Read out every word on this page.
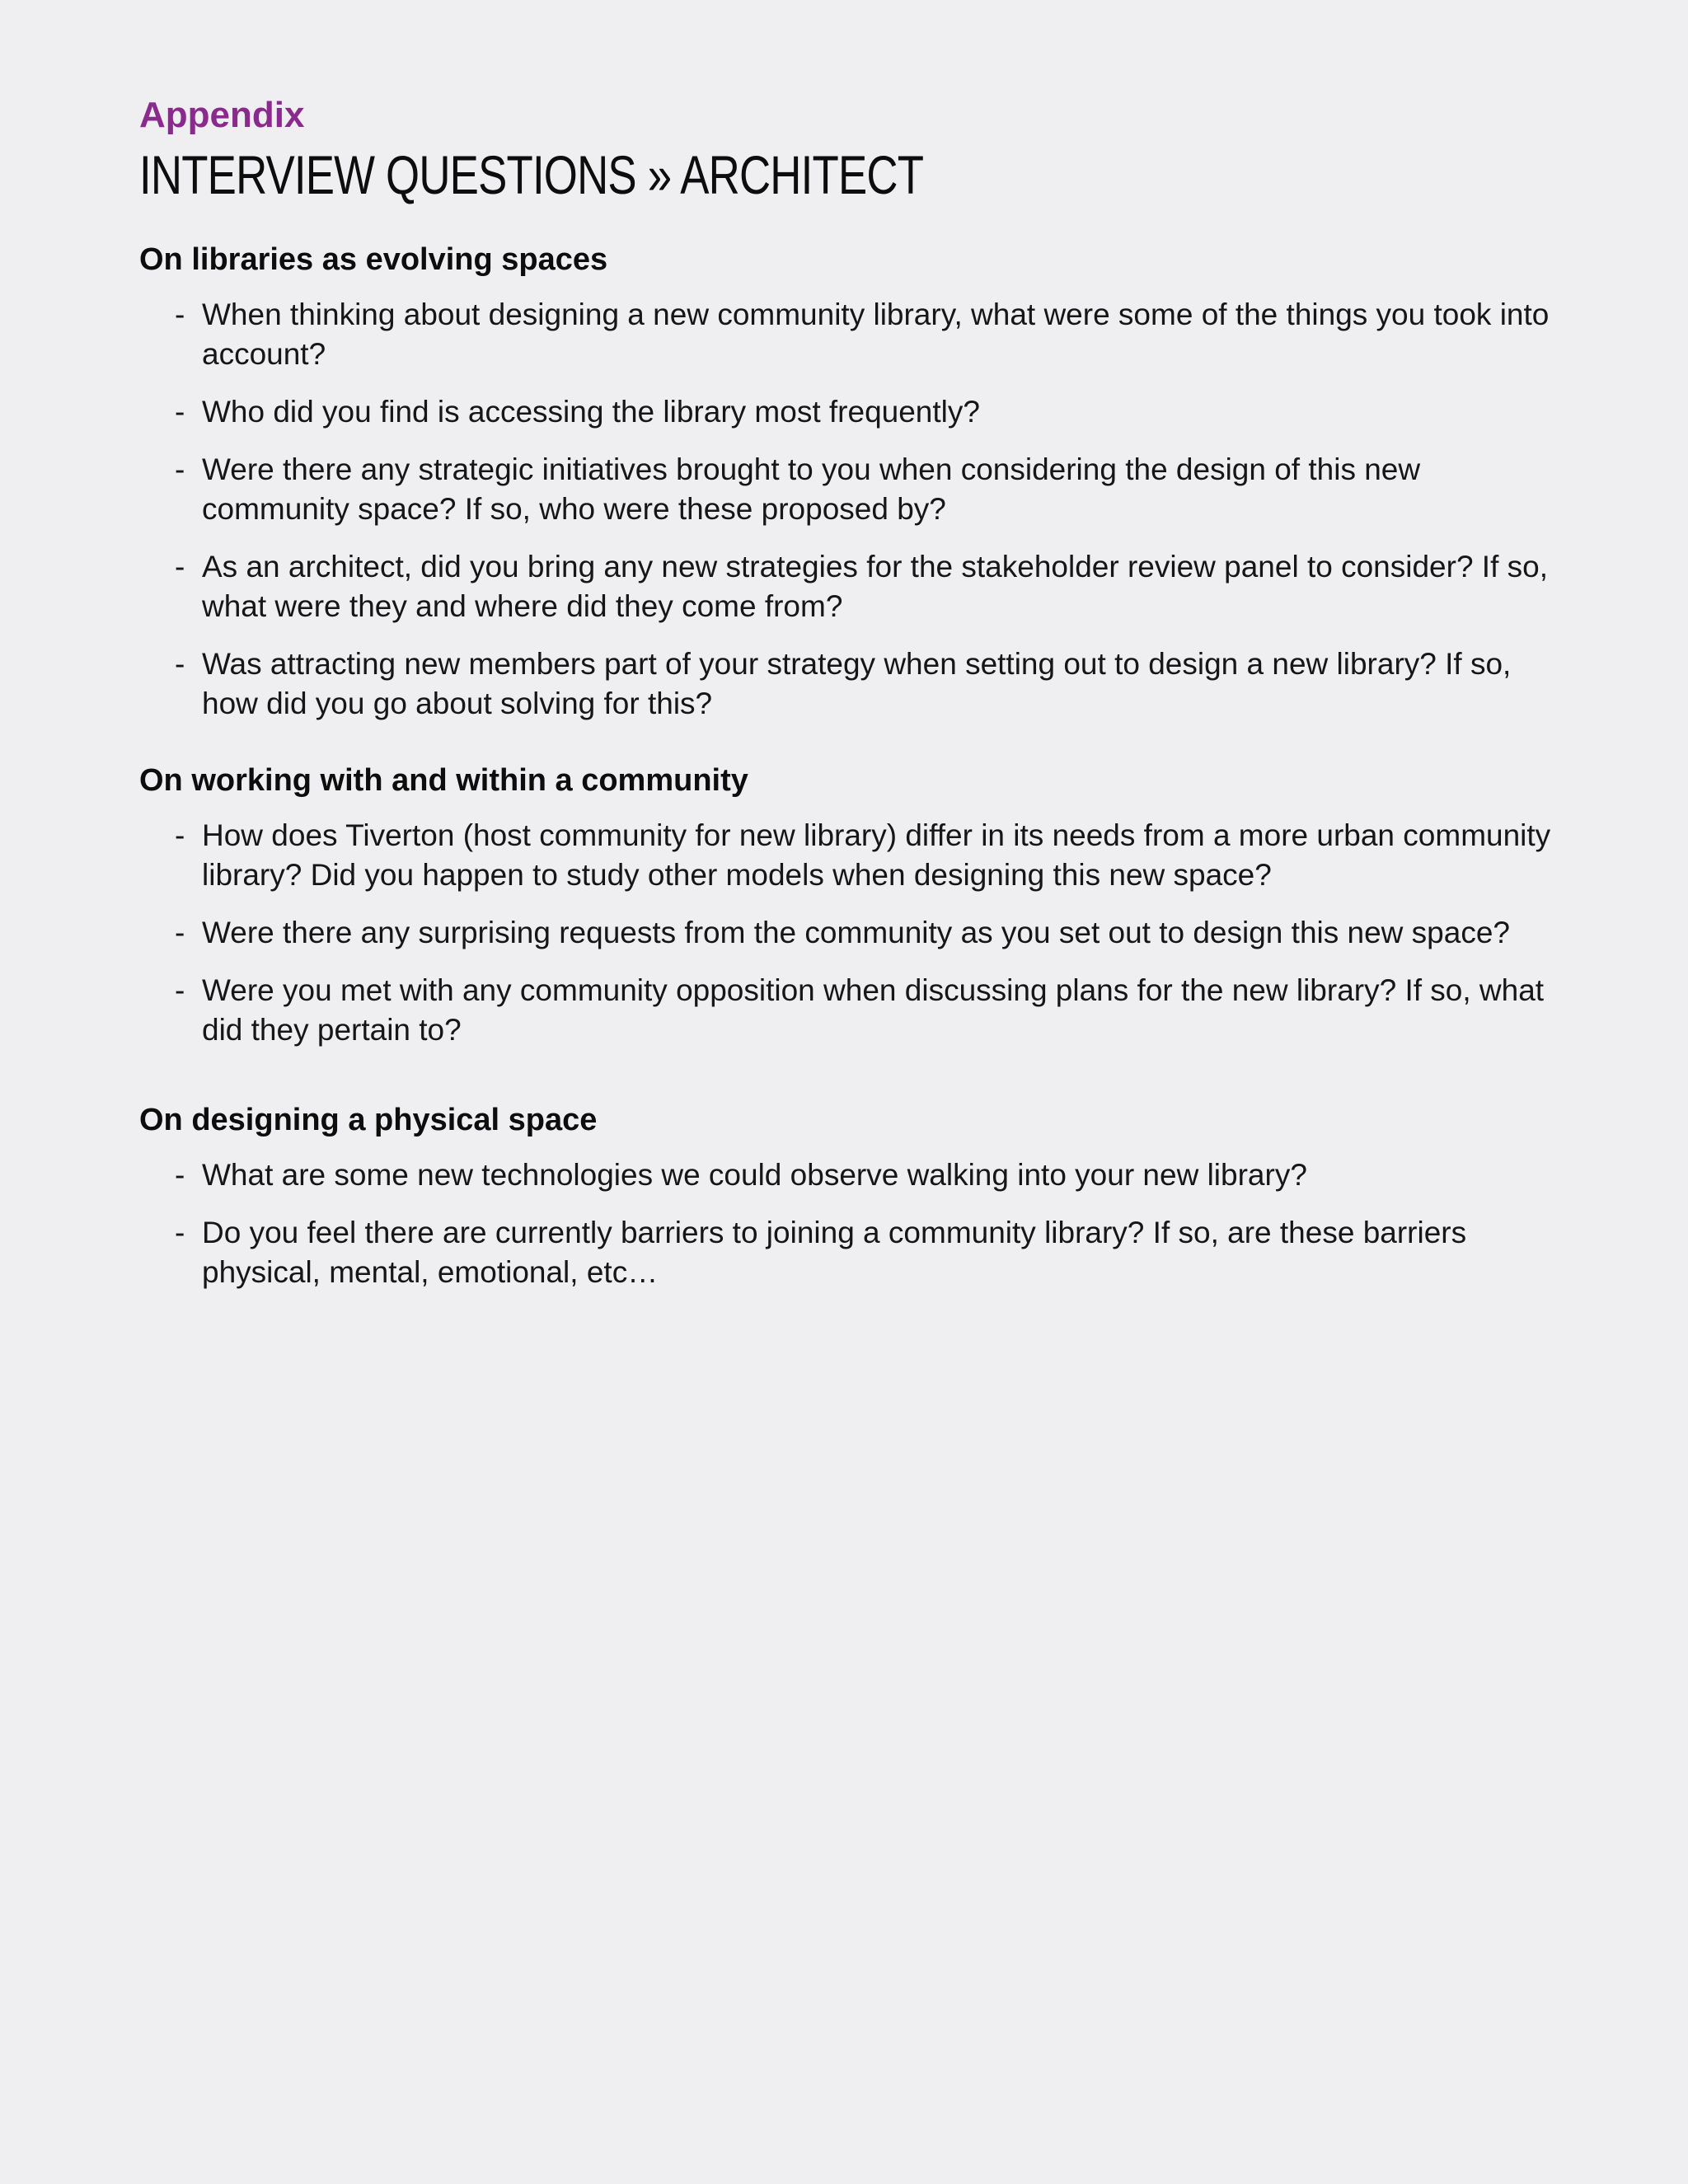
Appendix
INTERVIEW QUESTIONS » ARCHITECT
On libraries as evolving spaces
- When thinking about designing a new community library, what were some of the things you took into account?
- Who did you find is accessing the library most frequently?
- Were there any strategic initiatives brought to you when considering the design of this new community space? If so, who were these proposed by?
- As an architect, did you bring any new strategies for the stakeholder review panel to consider? If so, what were they and where did they come from?
- Was attracting new members part of your strategy when setting out to design a new library? If so, how did you go about solving for this?
On working with and within a community
- How does Tiverton (host community for new library) differ in its needs from a more urban community library? Did you happen to study other models when designing this new space?
- Were there any surprising requests from the community as you set out to design this new space?
- Were you met with any community opposition when discussing plans for the new library? If so, what did they pertain to?
On designing a physical space
- What are some new technologies we could observe walking into your new library?
- Do you feel there are currently barriers to joining a community library? If so, are these barriers physical, mental, emotional, etc…
